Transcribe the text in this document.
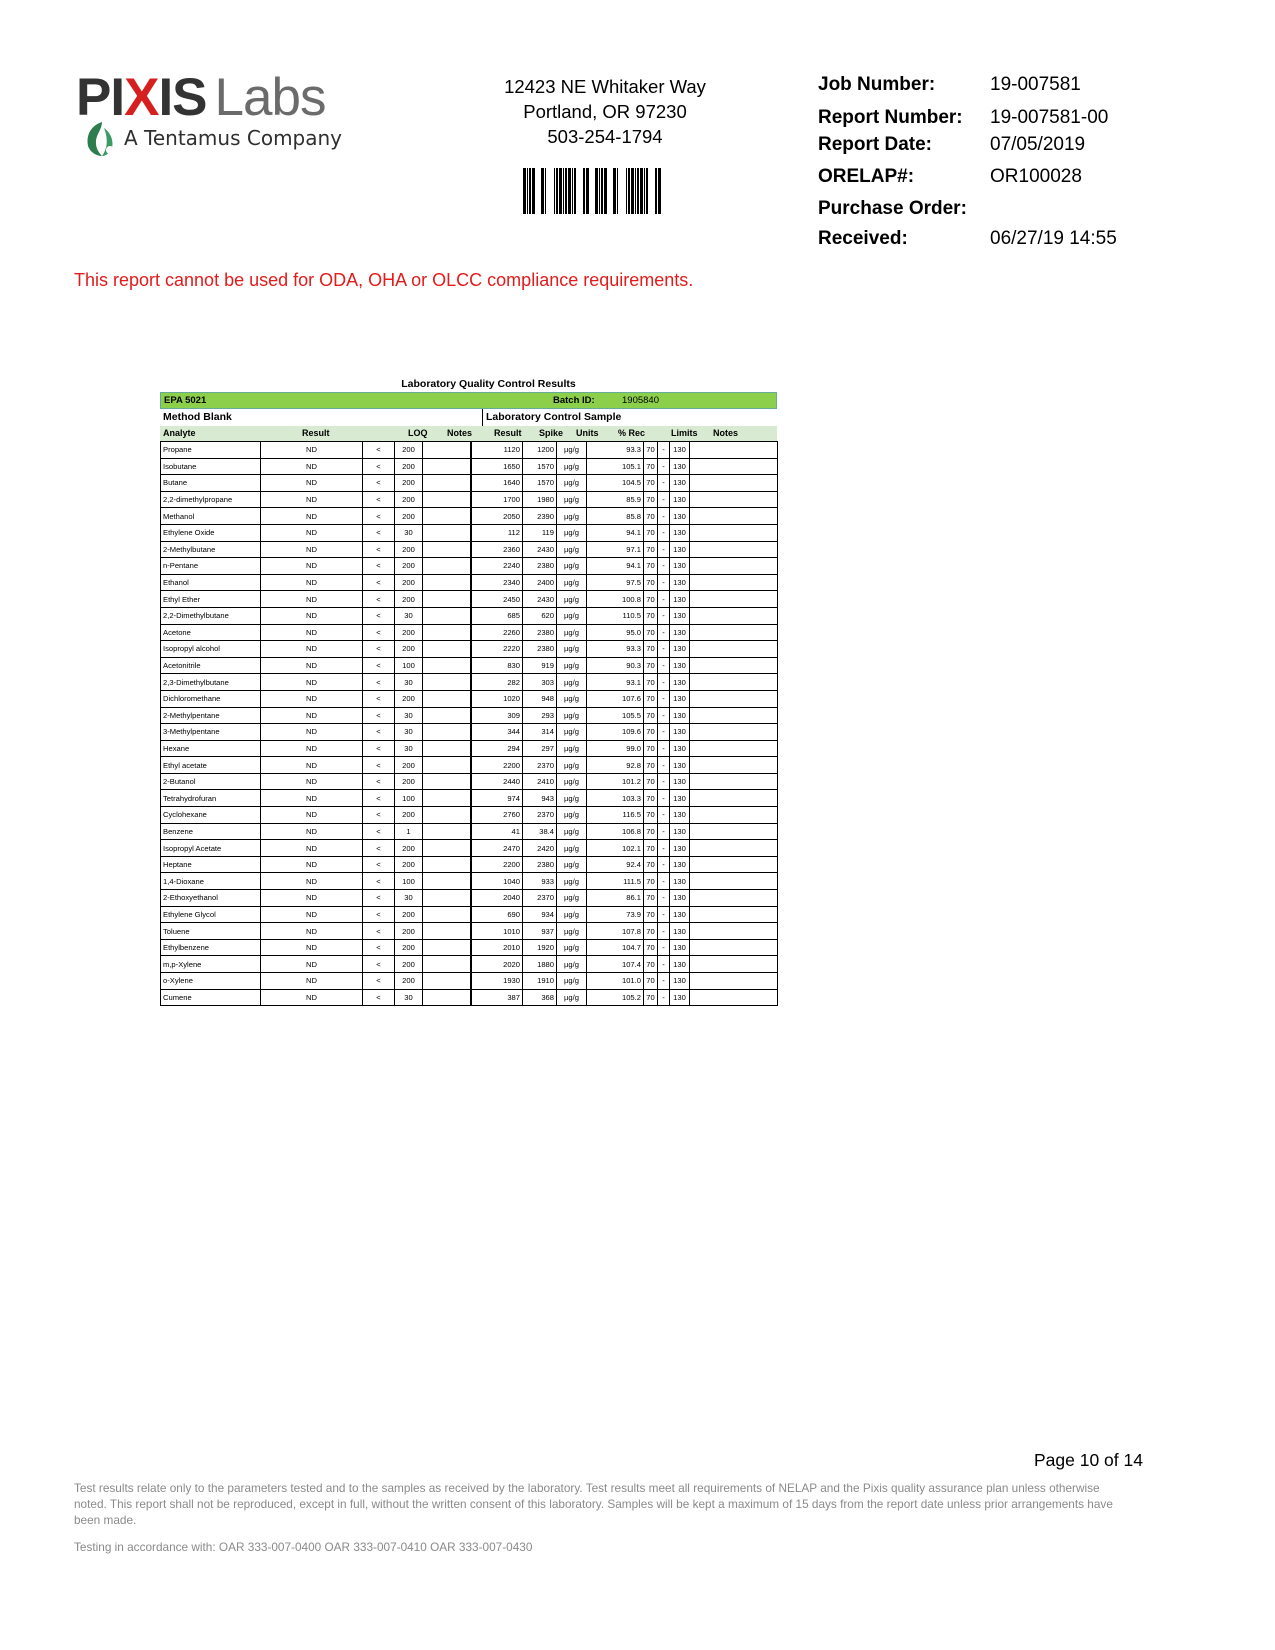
PIXIS Labs
A Tentamus Company
12423 NE Whitaker Way
Portland, OR 97230
503-254-1794
Job Number:	19-007581
Report Number: 19-007581-00
Report Date:	07/05/2019
ORELAP#:	OR100028
Purchase Order:
Received:	06/27/19 14:55
This report cannot be used for ODA, OHA or OLCC compliance requirements.
Laboratory Quality Control Results
EPA 5021	Batch ID:	1905840
Method Blank	Laboratory Control Sample
Analyte	Result	LOQ Notes Result Spike Units % Rec	Limits Notes
Propane	ND	<	200		1120	1200	µg/g	93.3	70	-	130	
Isobutane	ND	<	200		1650	1570	µg/g	105.1	70	-	130	
Butane	ND	<	200		1640	1570	µg/g	104.5	70	-	130	
2,2-dimethylpropane	ND	<	200		1700	1980	µg/g	85.9	70	-	130	
Methanol	ND	<	200		2050	2390	µg/g	85.8	70	-	130	
Ethylene Oxide	ND	<	30		112	119	µg/g	94.1	70	-	130	
2-Methylbutane	ND	<	200		2360	2430	µg/g	97.1	70	-	130	
n-Pentane	ND	<	200		2240	2380	µg/g	94.1	70	-	130	
Ethanol	ND	<	200		2340	2400	µg/g	97.5	70	-	130	
Ethyl Ether	ND	<	200		2450	2430	µg/g	100.8	70	-	130	
2,2-Dimethylbutane	ND	<	30		685	620	µg/g	110.5	70	-	130	
Acetone	ND	<	200		2260	2380	µg/g	95.0	70	-	130	
Isopropyl alcohol	ND	<	200		2220	2380	µg/g	93.3	70	-	130	
Acetonitrile	ND	<	100		830	919	µg/g	90.3	70	-	130	
2,3-Dimethylbutane	ND	<	30		282	303	µg/g	93.1	70	-	130	
Dichloromethane	ND	<	200		1020	948	µg/g	107.6	70	-	130	
2-Methylpentane	ND	<	30		309	293	µg/g	105.5	70	-	130	
3-Methylpentane	ND	<	30		344	314	µg/g	109.6	70	-	130	
Hexane	ND	<	30		294	297	µg/g	99.0	70	-	130	
Ethyl acetate	ND	<	200		2200	2370	µg/g	92.8	70	-	130	
2-Butanol	ND	<	200		2440	2410	µg/g	101.2	70	-	130	
Tetrahydrofuran	ND	<	100		974	943	µg/g	103.3	70	-	130	
Cyclohexane	ND	<	200		2760	2370	µg/g	116.5	70	-	130	
Benzene	ND	<	1		41	38.4	µg/g	106.8	70	-	130	
Isopropyl Acetate	ND	<	200		2470	2420	µg/g	102.1	70	-	130	
Heptane	ND	<	200		2200	2380	µg/g	92.4	70	-	130	
1,4-Dioxane	ND	<	100		1040	933	µg/g	111.5	70	-	130	
2-Ethoxyethanol	ND	<	30		2040	2370	µg/g	86.1	70	-	130	
Ethylene Glycol	ND	<	200		690	934	µg/g	73.9	70	-	130	
Toluene	ND	<	200		1010	937	µg/g	107.8	70	-	130	
Ethylbenzene	ND	<	200		2010	1920	µg/g	104.7	70	-	130	
m,p-Xylene	ND	<	200		2020	1880	µg/g	107.4	70	-	130	
o-Xylene	ND	<	200		1930	1910	µg/g	101.0	70	-	130	
Cumene	ND	<	30		387	368	µg/g	105.2	70	-	130	
Page 10 of 14
Test results relate only to the parameters tested and to the samples as received by the laboratory. Test results meet all requirements of NELAP and the Pixis quality assurance plan unless otherwise noted. This report shall not be reproduced, except in full, without the written consent of this laboratory. Samples will be kept a maximum of 15 days from the report date unless prior arrangements have been made.
Testing in accordance with: OAR 333-007-0400 OAR 333-007-0410 OAR 333-007-0430
